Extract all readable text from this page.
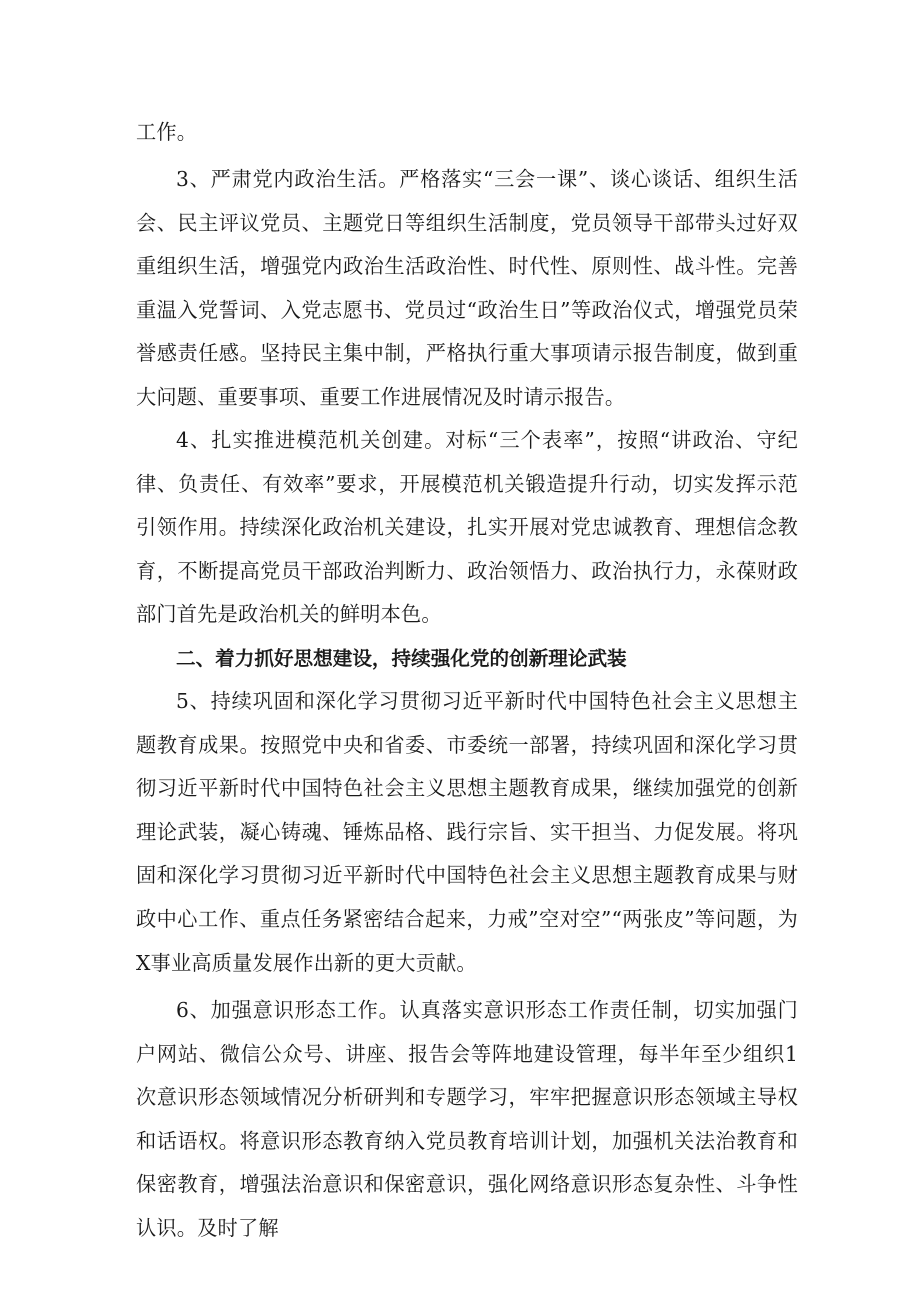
工作。

3、严肃党内政治生活。严格落实“三会一课”、谈心谈话、组织生活会、民主评议党员、主题党日等组织生活制度，党员领导干部带头过好双重组织生活，增强党内政治生活政治性、时代性、原则性、战斗性。完善重温入党誓词、入党志愿书、党员过“政治生日”等政治仪式，增强党员荣誉感责任感。坚持民主集中制，严格执行重大事项请示报告制度，做到重大问题、重要事项、重要工作进展情况及时请示报告。

4、扎实推进模范机关创建。对标“三个表率”，按照“讲政治、守纪律、负责任、有效率”要求，开展模范机关锻造提升行动，切实发挥示范引领作用。持续深化政治机关建设，扎实开展对党忠诚教育、理想信念教育，不断提高党员干部政治判断力、政治领悟力、政治执行力，永葆财政部门首先是政治机关的鲜明本色。

二、着力抓好思想建设，持续强化党的创新理论武装

5、持续巩固和深化学习贯彻习近平新时代中国特色社会主义思想主题教育成果。按照党中央和省委、市委统一部署，持续巩固和深化学习贯彻习近平新时代中国特色社会主义思想主题教育成果，继续加强党的创新理论武装，凝心铸魂、锤炼品格、践行宗旨、实干担当、力促发展。将巩固和深化学习贯彻习近平新时代中国特色社会主义思想主题教育成果与财政中心工作、重点任务紧密结合起来，力戒”空对空”“两张皮”等问题，为X事业高质量发展作出新的更大贡献。

6、加强意识形态工作。认真落实意识形态工作责任制，切实加强门户网站、微信公众号、讲座、报告会等阵地建设管理，每半年至少组织1次意识形态领域情况分析研判和专题学习，牢牢把握意识形态领域主导权和话语权。将意识形态教育纳入党员教育培训计划，加强机关法治教育和保密教育，增强法治意识和保密意识，强化网络意识形态复杂性、斗争性认识。及时了解
